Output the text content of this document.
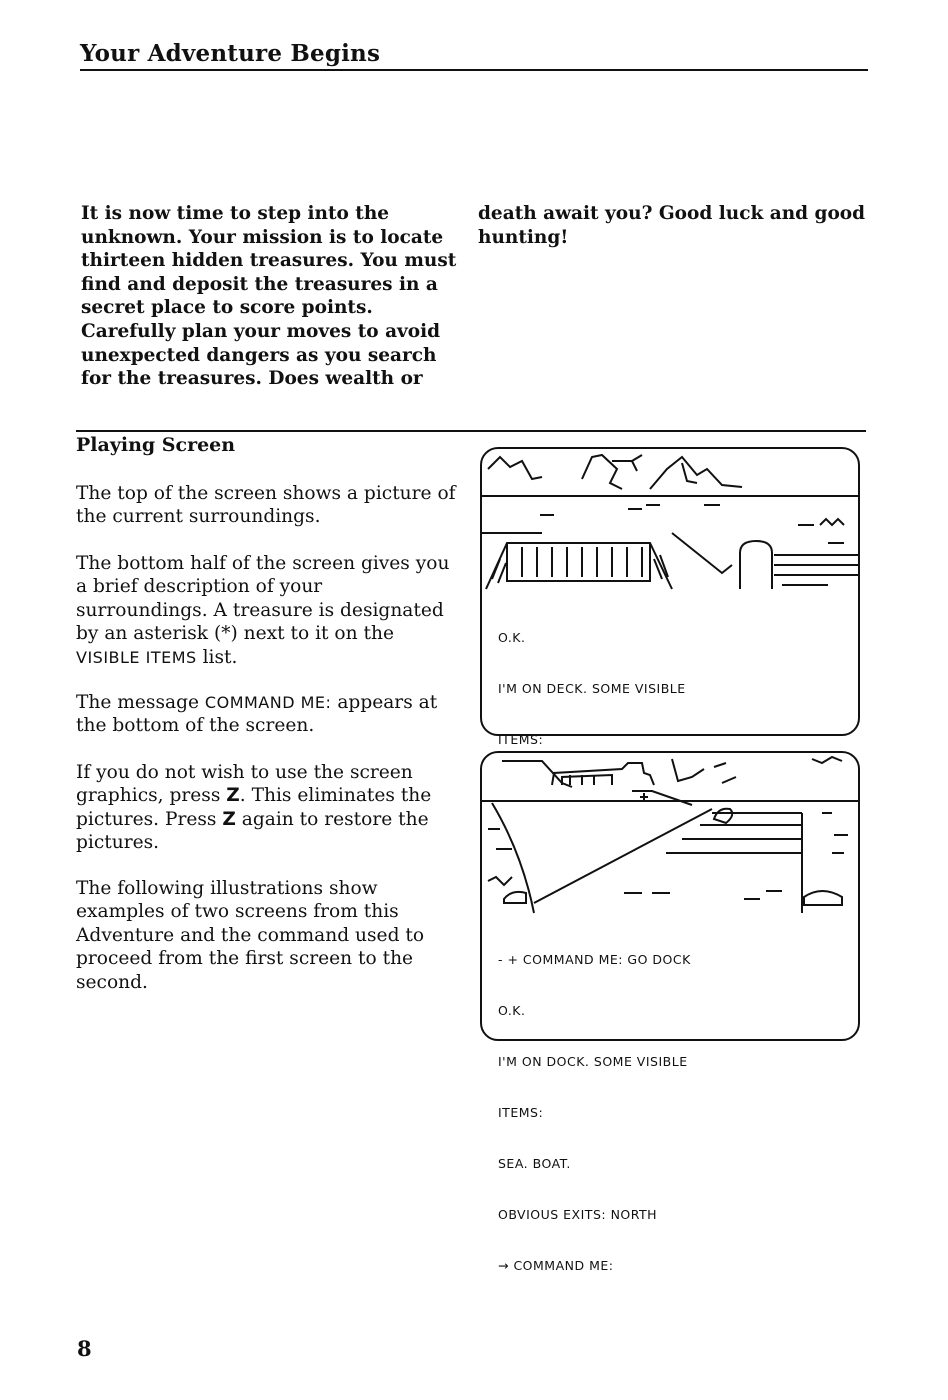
Your Adventure Begins

It is now time to step into the

unknown. Your mission is to locate

thirteen hidden treasures. You must

find and deposit the treasures in a

secret place to score points.

Carefully plan your moves to avoid

unexpected dangers as you search

for the treasures. Does wealth or

death await you? Good luck and good

hunting!

Playing Screen
The top of the screen shows a picture of
the current surroundings.
The bottom half of the screen gives you
a brief description of your
surroundings. A treasure is designated
by an asterisk (*) next to it on the
VISIBLE ITEMS list.
The message COMMAND ME: appears at
the bottom of the screen.
If you do not wish to use the screen
graphics, press Z. This eliminates the
pictures. Press Z again to restore the
pictures.
The following illustrations show
examples of two screens from this
Adventure and the command used to
proceed from the first screen to the
second.

O.K.

I'M ON DECK. SOME VISIBLE

ITEMS:

- + COMMAND ME: GO DOCK

O.K.

I'M ON DOCK. SOME VISIBLE

ITEMS:

SEA. BOAT.

OBVIOUS EXITS: NORTH

→ COMMAND ME:

8
